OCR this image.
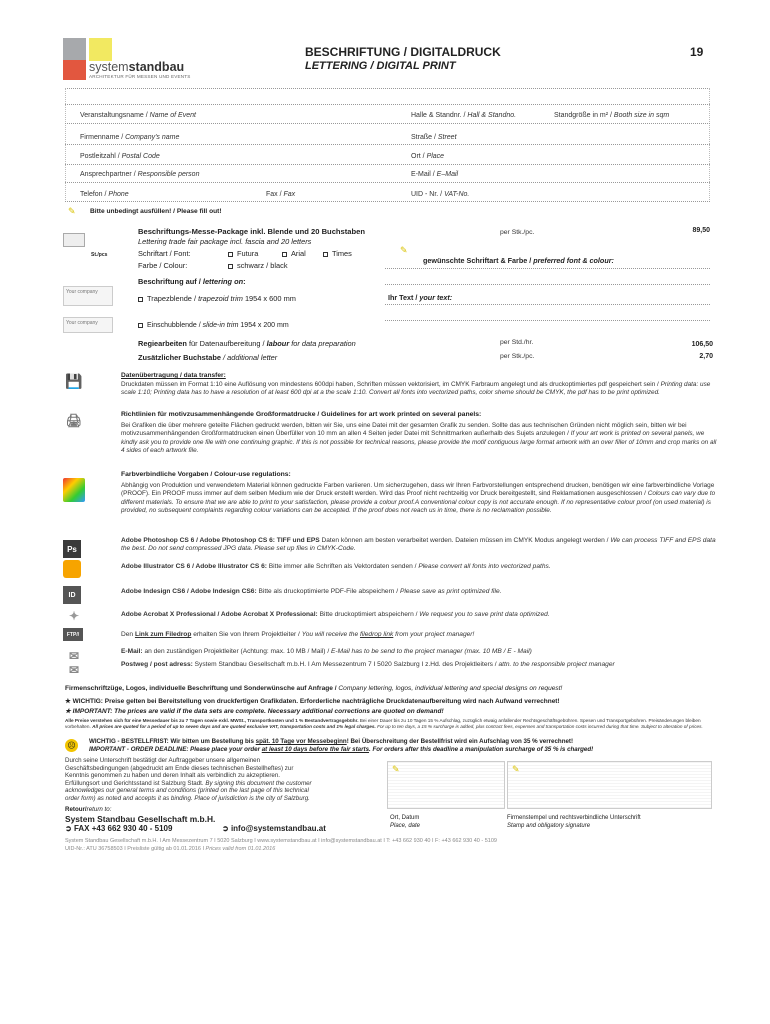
systemstandbau
ARCHITEKTUR FÜR MESSEN UND EVENTS
BESCHRIFTUNG / DIGITALDRUCK
LETTERING / DIGITAL PRINT
19
Veranstaltungsname / Name of Event	Halle & Standnr. / Hall & Standno.	Standgröße in m² / Booth size in sqm
Firmenname / Company's name	Straße / Street
Postleitzahl / Postal Code	Ort / Place
Ansprechpartner / Responsible person	E-Mail / E–Mail
Telefon / Phone	Fax / Fax	UID - Nr. / VAT-No.
✎	Bitte unbedingt ausfüllen! / Please fill out!
St./pcs
Beschriftungs-Messe-Package inkl. Blende und 20 Buchstaben
Lettering trade fair package incl. fascia and 20 letters
per Stk./pc.	89,50
Schriftart / Font:	Futura	Arial	Times
Farbe / Colour:	schwarz / black
✎
gewünschte Schriftart & Farbe / preferred font & colour:
Beschriftung auf / lettering on:
Your company
Trapezblende / trapezoid trim 1954 x 600 mm	Ihr Text / your text:
Your company	Einschubblende / slide-in trim 1954 x 200 mm
Regiearbeiten für Datenaufbereitung / labour for data preparation	per Std./hr.	106,50
Zusätzlicher Buchstabe / additional letter	per Stk./pc.	2,70
💾	Datenübertragung / data transfer:
Druckdaten müssen im Format 1:10 eine Auflösung von mindestens 600dpi haben, Schriften müssen vektorisiert, im CMYK Farbraum angelegt und als druckoptimiertes pdf gespeichert sein / Printing data: use scale 1:10; Printing data has to have a resolution of at least 600 dpi at a the scale 1:10. Convert all fonts into vectorized paths, color sheme should be CMYK, the pdf has to be print optimized.
🖨	Richtlinien für motivzusammenhängende Großformatdrucke / Guidelines for art work printed on several panels:
Bei Grafiken die über mehrere geteilte Flächen gedruckt werden, bitten wir Sie, uns eine Datei mit der gesamten Grafik zu senden. Sollte das aus technischen Gründen nicht möglich sein, bitten wir bei motivzusammenhängenden Großformatdrucken einen Überfüller von 10 mm an allen 4 Seiten jeder Datei mit Schnittmarken außerhalb des Sujets anzulegen / If your art work is printed on several panels, we kindly ask you to provide one file with one continuing graphic. If this is not possible for technical reasons, please provide the motif contiguous large format artwork with an over filler of 10mm and crop marks on all 4 sides of each artwork file.
Farbverbindliche Vorgaben / Colour-use regulations:
Abhängig von Produktion und verwendetem Material können gedruckte Farben variieren. Um sicherzugehen, dass wir Ihren Farbvorstellungen entsprechend drucken, benötigen wir eine farbverbindliche Vorlage (PROOF). Ein PROOF muss immer auf dem selben Medium wie der Druck erstellt werden. Wird das Proof nicht rechtzeitig vor Druck bereitgestellt, sind Reklamationen ausgeschlossen / Colours can vary due to different materials. To ensure that we are able to print to your satisfaction, please provide a colour proof.A conventional colour copy is not accurate enough. If no representative colour proof (on used material) is provided, no subsequent complaints regarding colour variations can be accepted. If the proof does not reach us in time, there is no reclamation possible.
Ps
Adobe Photoshop CS 6 / Adobe Photoshop CS 6: TIFF und EPS Daten können am besten verarbeitet werden. Dateien müssen im CMYK Modus angelegt werden / We can process TIFF and EPS data the best. Do not send compressed JPG data. Please set up files in CMYK-Code.
Adobe Illustrator CS 6 / Adobe Illustrator CS 6: Bitte immer alle Schriften als Vektordaten senden / Please convert all fonts into vectorized paths.
ID	Adobe Indesign CS6 / Adobe Indesign CS6: Bitte als druckoptimierte PDF-File abspeichern / Please save as print optimized file.
✦	Adobe Acrobat X Professional / Adobe Acrobat X Professional: Bitte druckoptimiert abspeichern / We request you to save print data optimized.
FTP//	Den Link zum Filedrop erhalten Sie von Ihrem Projektleiter / You will receive the filedrop link from your project manager!
✉	E-Mail: an den zuständigen Projektleiter (Achtung: max. 10 MB / Mail) / E-Mail has to be send to the project manager (max. 10 MB / E - Mail)
✉	Postweg / post adress: System Standbau Gesellschaft m.b.H. I Am Messezentrum 7 I 5020 Salzburg I z.Hd. des Projektleiters / attn. to the responsible project manager
Firmenschriftzüge, Logos, individuelle Beschriftung und Sonderwünsche auf Anfrage / Company lettering, logos, individual lettering and special designs on request!
★ WICHTIG: Preise gelten bei Bereitstellung von druckfertigen Grafikdaten. Erforderliche nachträgliche Druckdatenaufbereitung wird nach Aufwand verrechnet!
★ IMPORTANT: The prices are valid if the data sets are complete. Necessary additional corrections are quoted on demand!
Alle Preise verstehen sich für eine Messedauer bis zu 7 Tagen sowie exkl. MWSt., Transportkosten und 1 % Bestandvertragsgebühr. Bei einer Dauer bis zu 10 Tagen 15 % Aufschlag, zuzüglich etwaig anfallender Rechtsgeschäftsgebühren. Spesen und Transportgebühren. Preisänderungen bleiben vorbehalten. All prices are quoted for a period of up to seven days and are quoted exclusive VAT, transportation costs and 1% legal charges. For up to ten days, a 15 % surcharge is added, plus contract fees, expenses and transportation costs incurred during that time. Subject to alteration of prices.
☹	WICHTIG - BESTELLFRIST: Wir bitten um Bestellung bis spät. 10 Tage vor Messebeginn! Bei Überschreitung der Bestellfrist wird ein Aufschlag von 35 % verrechnet!
IMPORTANT - ORDER DEADLINE: Please place your order at least 10 days before the fair starts. For orders after this deadline a manipulation surcharge of 35 % is charged!
Durch seine Unterschrift bestätigt der Auftraggeber unsere allgemeinen Geschäftsbedingungen (abgedruckt am Ende dieses technischen Bestellheftes) zur Kenntnis genommen zu haben und deren Inhalt als verbindlich zu akzeptieren. Erfüllungsort und Gerichtsstand ist Salzburg Stadt. By signing this document the customer acknowledges our general terms and conditions (printed on the last page of this technical order form) as noted and accepts it as binding. Place of jurisdiction is the city of Salzburg.
Retour/return to:
System Standbau Gesellschaft m.b.H.
➲ FAX +43 662 930 40 - 5109	➲ info@systemstandbau.at
✎	✎
Ort, Datum
Place, date
Firmenstempel und rechtsverbindliche Unterschrift
Stamp and obligatory signature
System Standbau Gesellschaft m.b.H. I Am Messezentrum 7 I 5020 Salzburg I www.systemstandbau.at I info@systemstandbau.at I T: +43 662 930 40 I F: +43 662 930 40 - 5109
UID-Nr.: ATU 36758503 I Preisliste gültig ab 01.01.2016 I Prices valid from 01.01.2016
